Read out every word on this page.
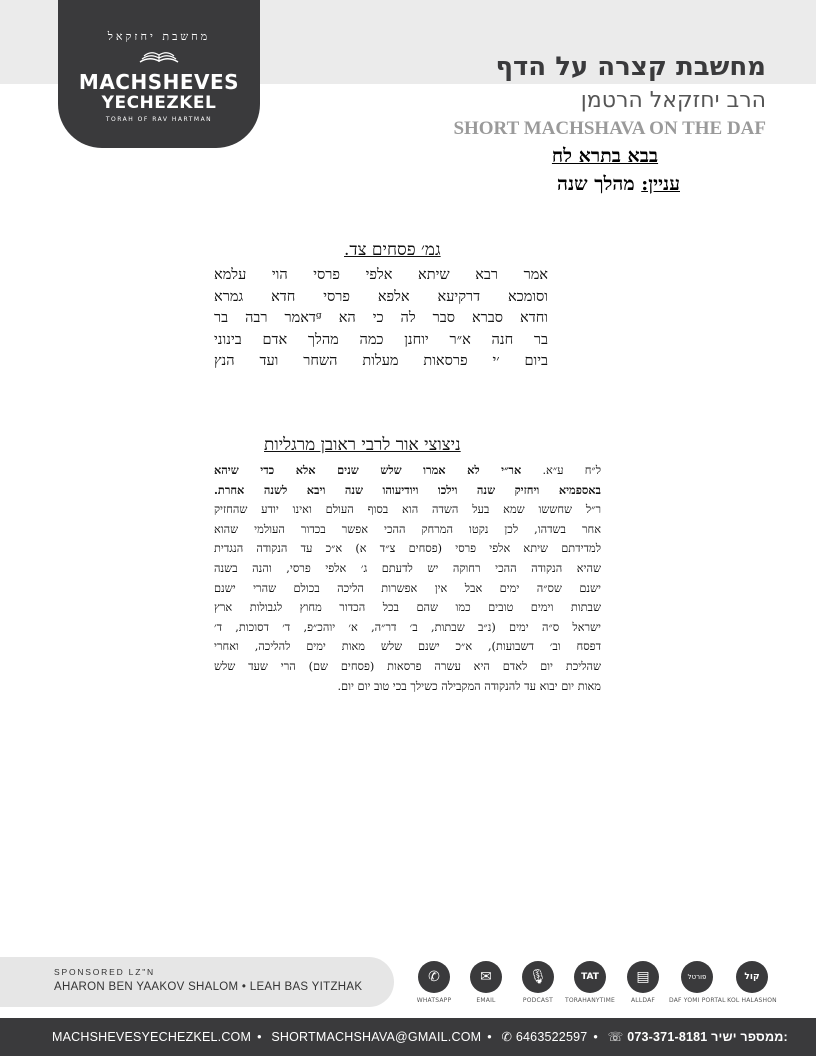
מחשבת יחזקאל
MACHSHEVES
YECHEZKEL
TORAH OF RAV HARTMAN
מחשבת קצרה על הדף
הרב יחזקאל הרטמן
SHORT MACHSHAVA ON THE DAF
בבא בתרא לח
עניין: מהלך שנה
גמ׳ פסחים צד.
אמר רבא שיתא אלפי פרסי הוי עלמא
וסומכא דרקיעא אלפא פרסי חדא גמרא
וחדא סברא סבר לה כי הא ᵍדאמר רבה בר
בר חנה א״ר יוחנן כמה מהלך אדם בינוני
ביום ׳י פרסאות מעלות השחר ועד הנץ
ניצוצי אור לרבי ראובן מרגליות
ל״ח ע״א. אר״י לא אמרו שלש שנים אלא כדי שיהא
באספמיא ויחזיק שנה וילכו ויודיעוהו שנה ויבא לשנה אחרת.
ר״ל שחששו שמא בעל השדה הוא בסוף העולם ואינו יודע שהחזיק
אחר בשדהו, לכן נקטו המרחק ההכי אפשר בכדור העולמי שהוא
למדידתם שיתא אלפי פרסי (פסחים צ״ד א) א״כ עד הנקודה הנגדית
שהיא הנקודה ההכי רחוקה יש לדעתם ג׳ אלפי פרסי, והנה בשנה
ישנם שס״ה ימים אבל אין אפשרות הליכה בכולם שהרי ישנם
שבתות וימים טובים כמו שהם בכל הכדור מחוץ לגבולות ארץ
ישראל ס״ה ימים (נ״ב שבתות, ב׳ דר״ה, א׳ יוהכ״פ, ד׳ דסוכות, ד׳
דפסח וב׳ דשבועות), א״כ ישנם שלש מאות ימים להליכה, ואחרי
שהליכת יום לאדם היא עשרה פרסאות (פסחים שם) הרי שעד שלש
מאות יום יבוא עד להנקודה המקבילה כשילך בכי טוב יום יום.
SPONSORED LZ"N
AHARON BEN YAAKOV SHALOM • LEAH BAS YITZHAK
✆
WHATSAPP
✉
EMAIL
🎙
PODCAST
TAT
TORAHANYTIME
▤
ALLDAF
פורטל
DAF YOMI PORTAL
קול
KOL HALASHON
MACHSHEVESYECHEZKEL.COM • SHORTMACHSHAVA@GMAIL.COM • ✆ 6463522597 • ☏ 073-371-8181 ממספר ישיר:
